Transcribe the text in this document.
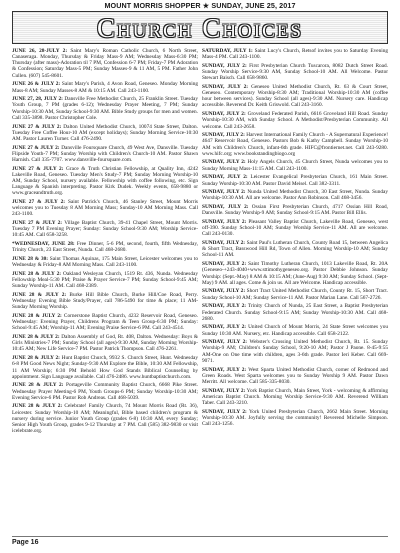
MOUNT MORRIS SHOPPER ★ SUNDAY, JUNE 25, 2017
Church Choices

JUNE 26, 28-JULY 2: Saint Mary's Roman Catholic Church, 6 North Street, Canaseraga. Monday, Thursday & Friday Mass-9 AM; Wednesday Mass-6:30 PM; Thursday (after mass)-Adoration til 7 PM, Confession 6-7 PM; Friday-7 PM Adoration & Confession; Saturday Mass-5 PM; Sunday Masses-9 & 11 AM, 5 PM. Father John Cullen. (607) 545-8601.

JUNE 26 & JULY 2: Saint Mary's Parish, 4 Avon Road, Geneseo. Monday Morning Mass-8 AM; Sunday Masses-8 AM & 10:15 AM. Call 243-1100.

JUNE 27, 28, JULY 2: Dansville Free Methodist Church, 25 Franklin Street. Tuesday Youth Group, 7 PM (grades 6-12); Wednesday Prayer Meeting, 7 PM; Sunday Worship-10:30 AM, Sunday School-9:30 AM. Bible Study groups for men and women. Call 335-3898. Pastor Christopher Cole.

JUNE 27 & JULY 2: Dalton United Methodist Church, 10074 State Street, Dalton. Tuesday Free Coffee Hour-10 AM (except holidays); Sunday Morning Service-10:30 AM. Pastor Lauren Turner. Call 476-2490.

JUNE 27 & JULY 2: Dansville Foursquare Church, 49 West Ave, Dansville. Tuesday Flipside Youth-7 PM; Sunday Worship with Children's Church-10 AM. Pastor Shawn Harnish. Call 335-7707. www.dansville-foursquare.com.

JUNE 27 & JULY 2: Grace & Truth Christian Fellowship, at Quality Inn, 4242 Lakeville Road, Geneseo. Tuesday Men's Study-7 PM; Sunday Morning Worship-10 AM, Sunday School, nursery available. Fellowship with coffee following, etc. Sign Language & Spanish interpreting. Pastor Kirk Dudek. Weekly events, 658-9880 or www.graceandtruth.org.

JUNE 27 & JULY 2: Saint Patrick's Church, 46 Stanley Street, Mount Morris welcomes you to Tuesday 8 AM Morning Mass; Sunday-10 AM Morning Mass. Call 243-1100.

JUNE 27 & JULY 2: Village Baptist Church, 39-41 Chapel Street, Mount Morris. Tuesday 7 PM Evening Prayer; Sunday: Sunday School-9:30 AM; Worship Service-10:45 AM. Call 658-3258.

*WEDNESDAY, JUNE 28: Free Dinner, 5-6 PM, second, fourth, fifth Wednesday, Trinity Church, 23 East Street, Nunda. Call 468-2680.

JUNE 28 & 30: Saint Thomas Aquinas, 175 Main Street, Leicester welcomes you to Wednesday & Friday-8 AM Morning Mass. Call 243-1100.

JUNE 28 & JULY 2: Oakland Wesleyan Church, 1519 Rt. 436, Nunda. Wednesday Fellowship Meal-5:30 PM; Praise & Prayer Service-7 PM; Sunday School-9:45 AM; Sunday Worship-11 AM. Call 468-2389.

JUNE 28 & JULY 2: Burke Hill Bible Church, Burke Hill/Coe Road, Perry. Wednesday Evening Bible Study/Prayer, call 786-5490 for time & place; 11 AM-Sunday Morning Worship.

JUNE 28 & JULY 2: Cornerstone Baptist Church, 4232 Reservoir Road, Geneseo. Wednesday: Evening Prayer, Childrens Program & Teen Group-6:30 PM; Sunday: School-9:45 AM; Worship-11 AM; Evening Praise Service-6 PM. Call 243-4514.

JUNE 28 & JULY 2: Dalton Assembly of God, Rt. 408, Dalton. Wednesday: Boys & Girls Ministries-7 PM; Sunday School (all ages)-9:30 AM, Sunday Morning Worship-10:45 AM; New Life Service-7 PM. Pastor Patrick Thompson. Call 476-2261.

JUNE 28 & JULY 2: Hunt Baptist Church, 9932 S. Church Street, Hunt. Wednesday 6-8 PM Good News Night; Sunday-9:30 AM Explore the Bible, 10:30 AM Fellowship, 11 AM Worship; 6:30 PM Behold How God Stands Biblical Counseling by appointment. Sign Language available. Call 476-2486. www.huntbaptistchurch.com.

JUNE 28 & JULY 2: Portageville Community Baptist Church, 6668 Pike Street. Wednesday Prayer Meeting-6 PM, Youth Groups-6 PM; Sunday Worship-10:30 AM; Evening Service-6 PM. Pastor Rob Andreas. Call 468-5039.

JUNE 28 & JULY 2: Celebrate! Family Church, 74 Mount Morris Road (Rt. 36), Leicester. Sunday Worship-10 AM; Meaningful, Bible based children's program & nursery during service. Junior Youth Group (grades 6-8) 10:30 AM, every Sunday; Senior High Youth Group, grades 9-12 Thursday at 7 PM. Call (585) 382-9830 or visit icelebrate.org.

SATURDAY, JULY 1: Saint Lucy's Church, Retsof invites you to Saturday Evening Mass-4 PM. Call 243-1100.

SUNDAY, JULY 2: First Presbyterian Church Tuscarora, 8082 Dutch Street Road. Sunday Worship Service-9:30 AM, Sunday School-10 AM. All Welcome. Pastor Stewart Baisch. Call 658-9860.

SUNDAY, JULY 2: Geneseo United Methodist Church, Rt. 63 & Court Street, Geneseo. Contemporary Worship-8:30 AM; Traditional Worship-10:30 AM (coffee hour between services). Sunday School (all ages)-9:30 AM. Nursery care. Handicap accessible. Reverend Dr. Keith Griswold. Call 243-3160.

SUNDAY, JULY 2: Groveland Federated Parish, 6616 Groveland Hill Road. Sunday Worship-10:30 AM, with Sunday School. A Methodist/Presbyterian Community. All welcome. Call 243-2658.

SUNDAY, JULY 2: Harvest International Family Church - A Supernatural Experience! 4647 Reservoir Road, Geneseo. Pastors Bob & Kathy Campbell. Sunday Worship-10 AM with Children's Church, infant-6th grade. HIFC@frontiernet.net. Call 243-9280. www.hifc.org; www.bookstandingbiogo.org

SUNDAY, JULY 2: Holy Angels Church, 45 Church Street, Nunda welcomes you to Sunday Morning Mass-11:15 AM. Call 243-1100.

SUNDAY, JULY 2: Leicester Evangelical Presbyterian Church, 161 Main Street. Sunday Worship-10:30 AM. Pastor David Meisel. Call 382-3311.

SUNDAY, JULY 2: Nunda United Methodist Church, 30 East Street, Nunda. Sunday Worship-10:30 AM. All are welcome. Pastor Ann Robinson. Call 468-3456.

SUNDAY, JULY 2: Ossian First Presbyterian Church, 4717 Ossian Hill Road, Dansville. Sunday Worship-9 AM; Sunday School-9:15 AM. Pastor Bill Ellis.

SUNDAY, JULY 2: Pleasant Valley Baptist Church, Lakeville Road, Geneseo, west off-390. Sunday School-10 AM; Sunday Worship Service-11 AM. All are welcome. Call 243-0130.

SUNDAY, JULY 2: Saint Paul's Lutheran Church, County Road 15, between Angelica & Short Tract, Basswood Hill Rd, Town of Allen. Morning Worship-10 AM; Sunday School-11 AM.

SUNDAY, JULY 2: Saint Timothy Lutheran Church, 1013 Lakeville Road, Rt. 20A (Geneseo-+243-4040+www.sttimothygeneseo.org. Pastor Debbie Johnson. Sunday Worship: (Sept.-May) 8 AM & 10:15 AM; (June-Aug) 9:30 AM; Sunday School. (Sept-May) 9 AM. all ages. Come & join us. All are Welcome. Handicap accessible.

SUNDAY, JULY 2: Short Tract United Methodist Church, County Rt. 15, Short Tract. Sunday School-10 AM; Sunday Service-11 AM. Pastor Marian Lane. Call 567-2726.

SUNDAY, JULY 2: Trinity Church of Nunda, 25 East Street, a Baptist Presbyterian Federated Church. Sunday School-9:15 AM; Sunday Worship-10:30 AM. Call 468-2680.

SUNDAY, JULY 2: United Church of Mount Morris, 24 State Street welcomes you Sunday 10:30 AM. Nursery, etc. Handicap accessible. Call 658-2122.

SUNDAY, JULY 2: Webster's Crossing United Methodist Church, Rt. 15. Sunday Worship-9 AM; Children's Sunday School, 9:20-10 AM; Pastor J Paone. 8-45-9:55 AM-One on One time with children, ages 3-6th grade. Pastor Ieri Keber. Call 669-9071.

SUNDAY, JULY 2: West Sparta United Methodist Church, corner of Redmond and Green Roads. West Sparta welcomes you to Sunday Worship 9 AM. Pastor Dawn Merritt. All welcome. Call 585-335-8030.

SUNDAY, JULY 2: York Baptist Church, Main Street, York - welcoming & affirming American Baptist Church. Morning Worship Service-9:30 AM. Reverend William Taber. Call 243-3210.

SUNDAY, JULY 2: York United Presbyterian Church, 2662 Main Street. Morning Worship-10:30 AM. Joyfully serving the community! Reverend Michelle Simpson. Call 243-1256.

Page 16
